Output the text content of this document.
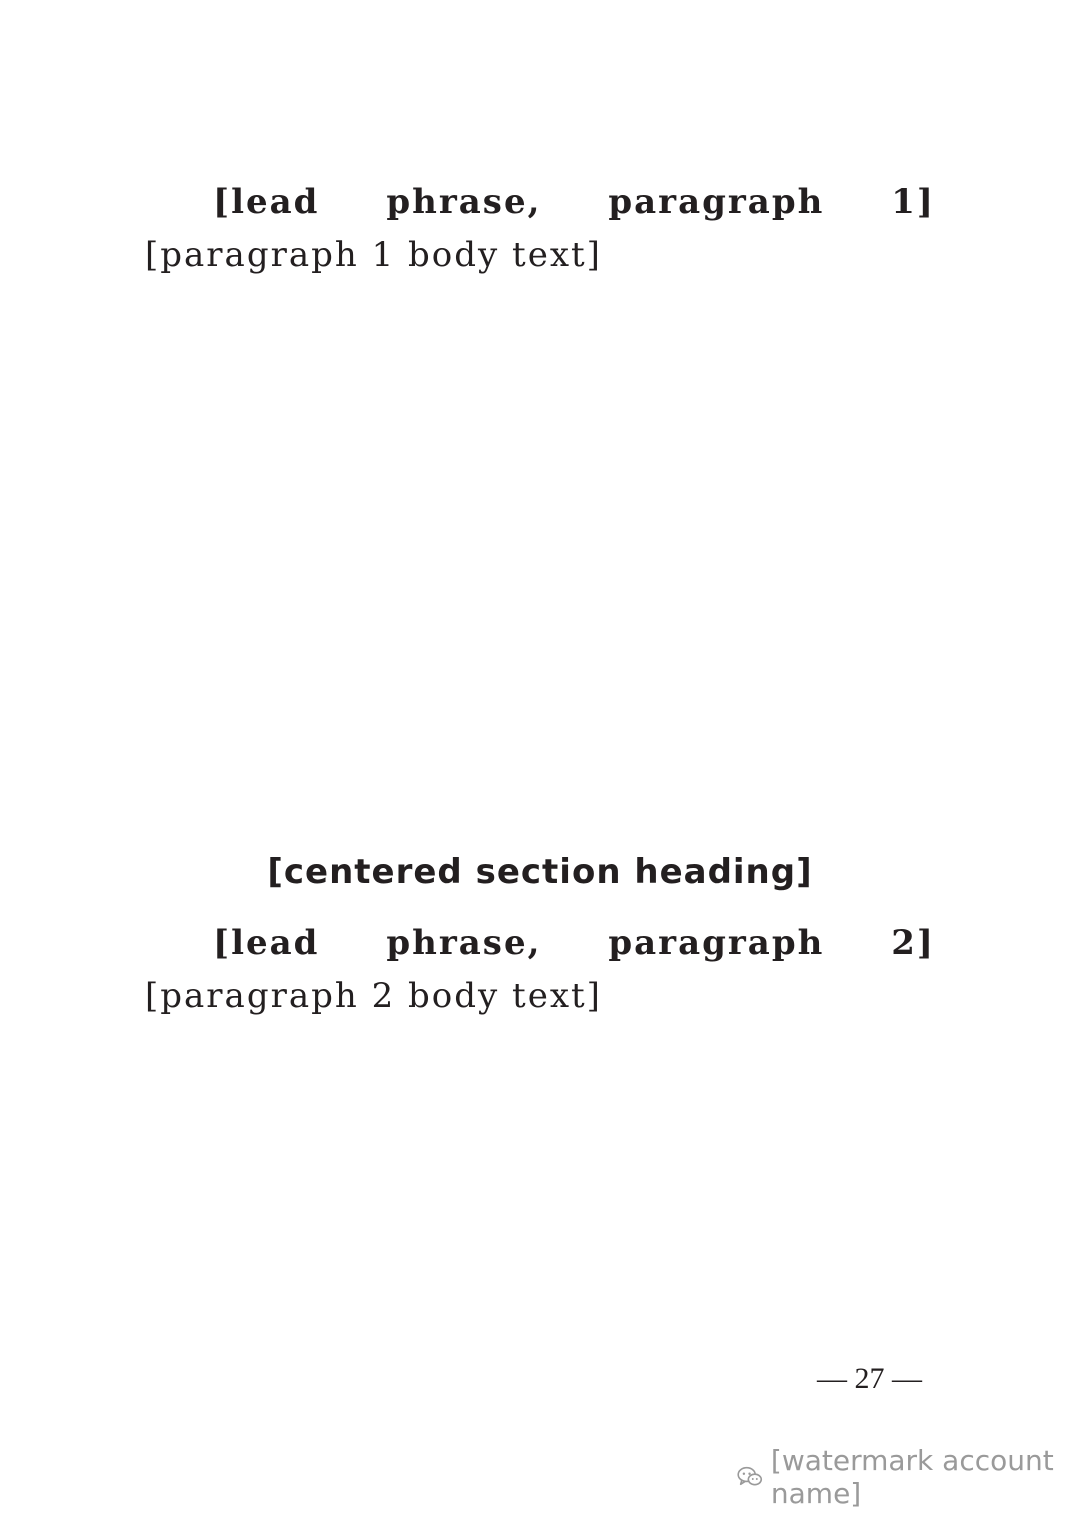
[lead phrase, paragraph 1][paragraph 1 body text]

[centered section heading]

[lead phrase, paragraph 2][paragraph 2 body text]

— 27 —
[watermark account name]
